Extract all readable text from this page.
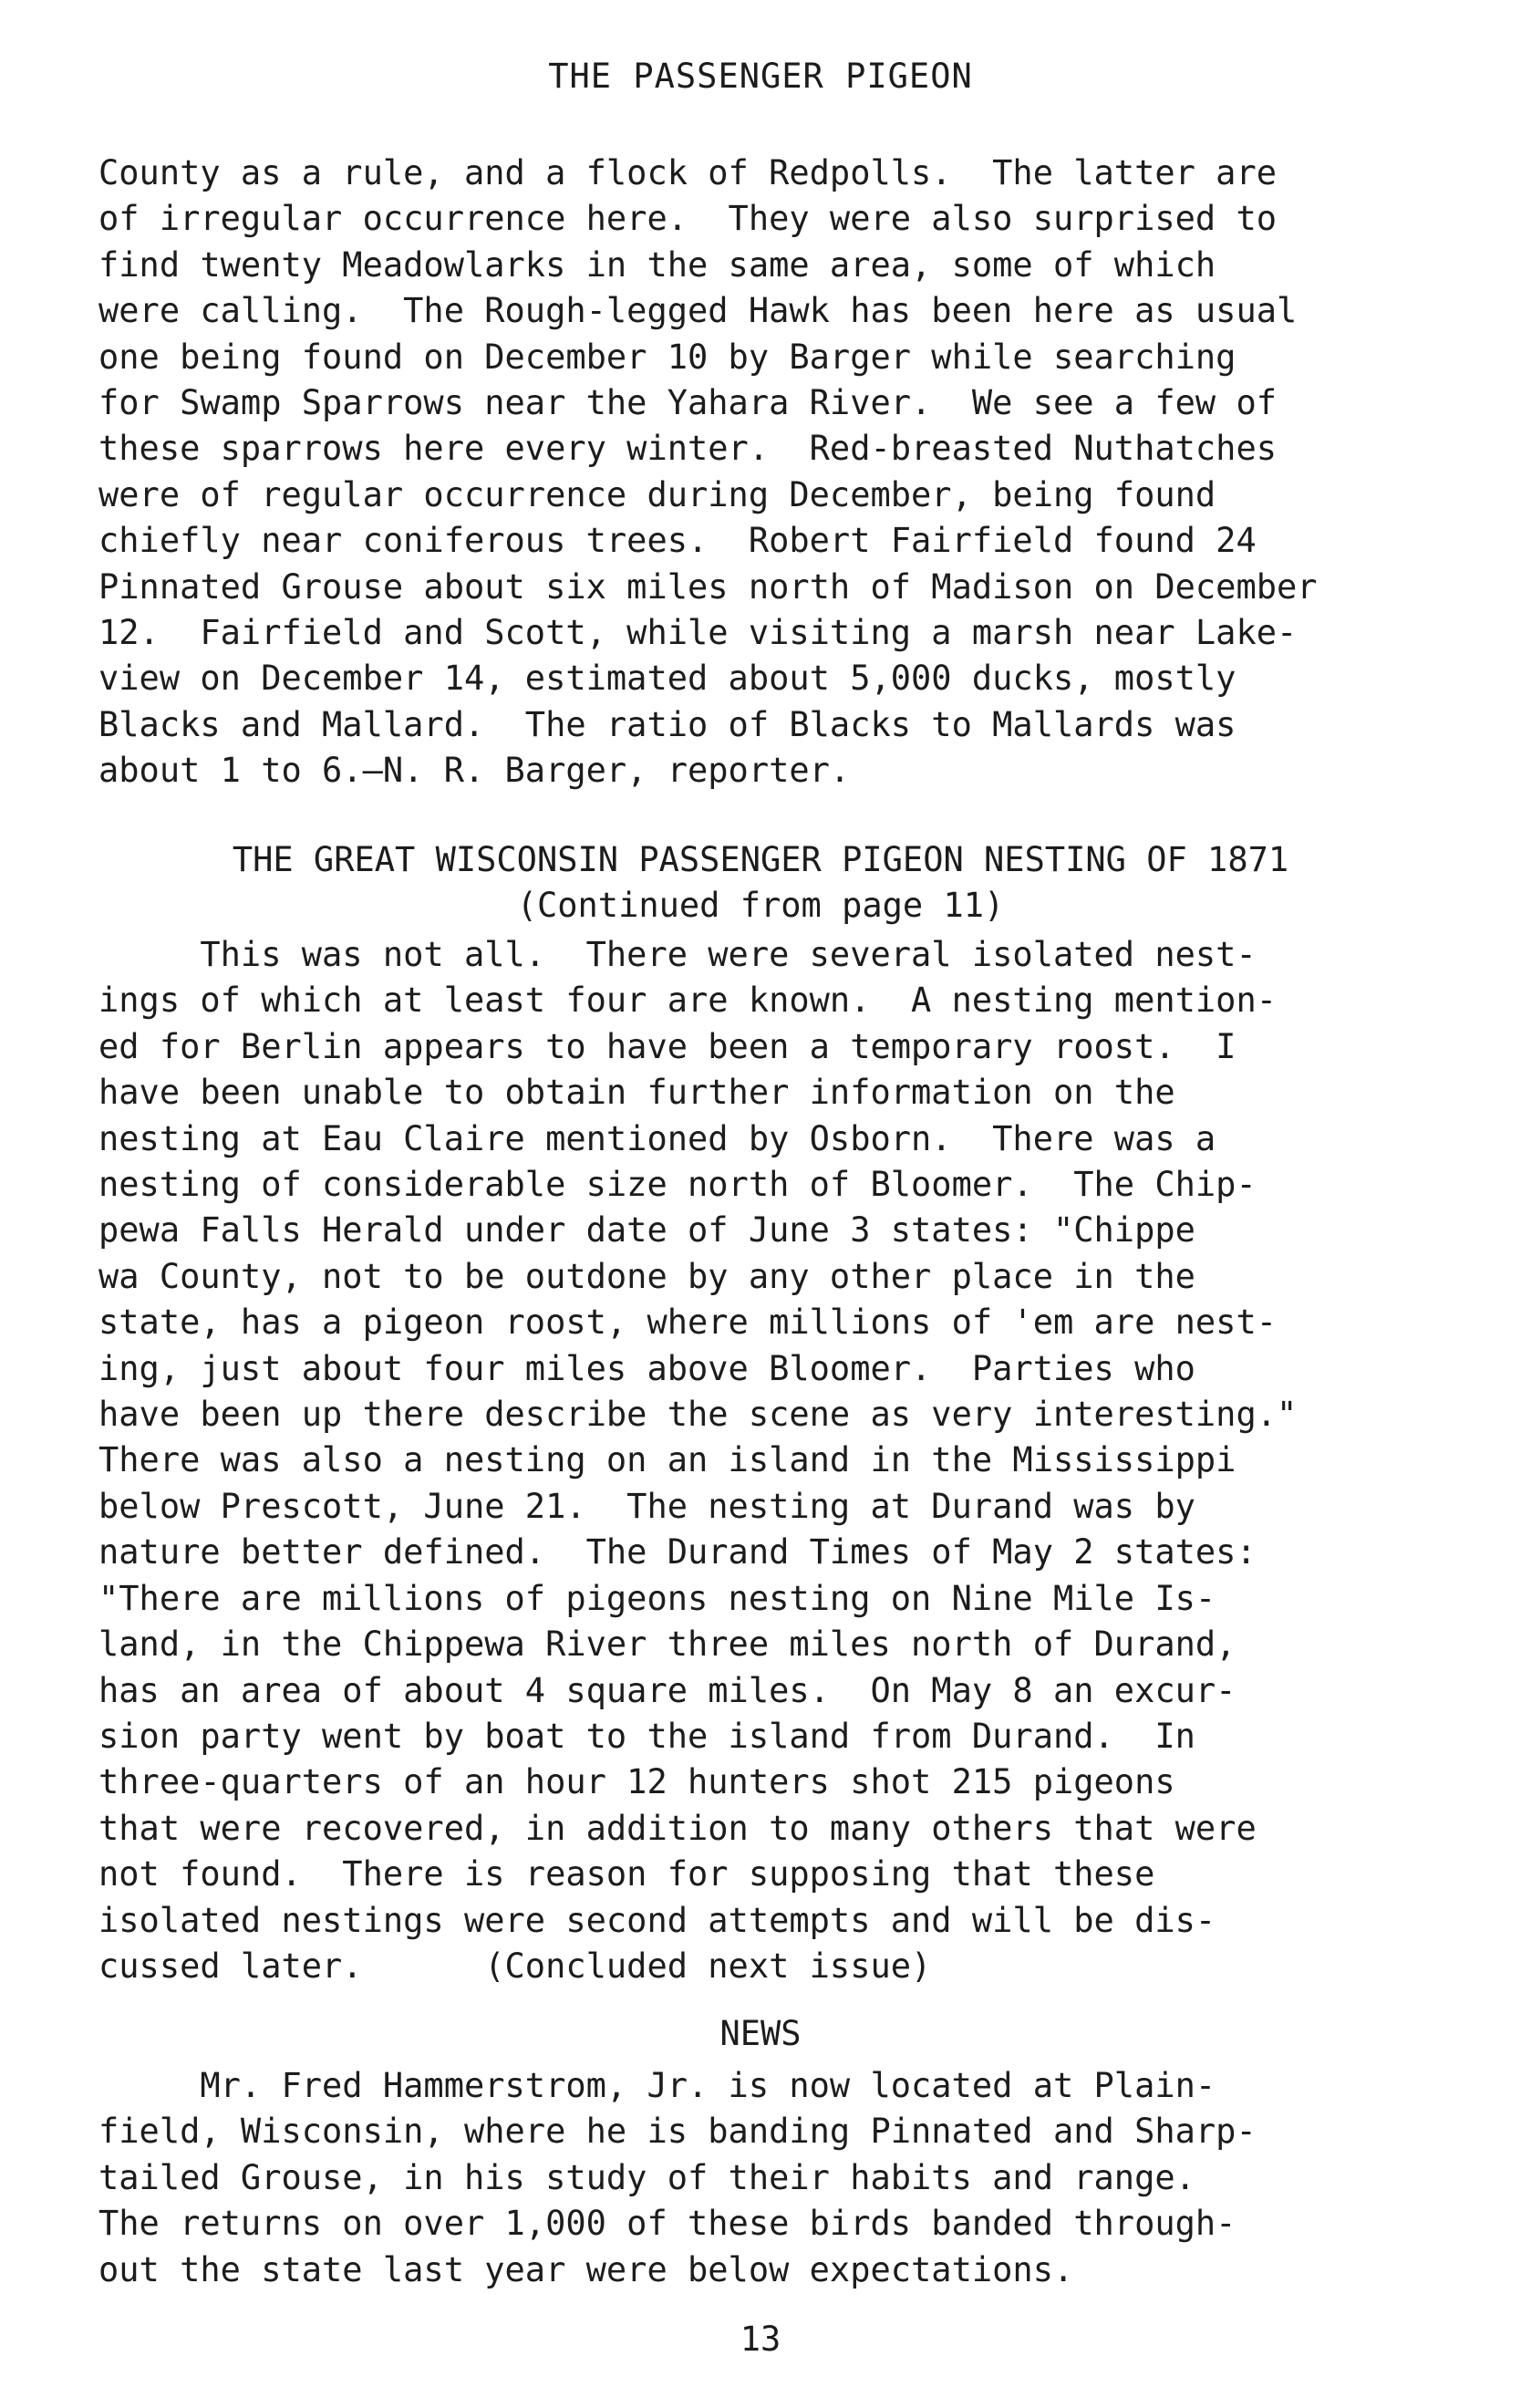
THE PASSENGER PIGEON
County as a rule, and a flock of Redpolls.  The latter are
of irregular occurrence here.  They were also surprised to
find twenty Meadowlarks in the same area, some of which
were calling.  The Rough-legged Hawk has been here as usual
one being found on December 10 by Barger while searching
for Swamp Sparrows near the Yahara River.  We see a few of
these sparrows here every winter.  Red-breasted Nuthatches
were of regular occurrence during December, being found
chiefly near coniferous trees.  Robert Fairfield found 24
Pinnated Grouse about six miles north of Madison on December
12.  Fairfield and Scott, while visiting a marsh near Lake-
view on December 14, estimated about 5,000 ducks, mostly
Blacks and Mallard.  The ratio of Blacks to Mallards was
about 1 to 6.—N. R. Barger, reporter.
THE GREAT WISCONSIN PASSENGER PIGEON NESTING OF 1871
(Continued from page 11)
This was not all.  There were several isolated nest-
ings of which at least four are known.  A nesting mention-
ed for Berlin appears to have been a temporary roost.  I
have been unable to obtain further information on the
nesting at Eau Claire mentioned by Osborn.  There was a
nesting of considerable size north of Bloomer.  The Chip-
pewa Falls Herald under date of June 3 states: "Chippe
wa County, not to be outdone by any other place in the
state, has a pigeon roost, where millions of 'em are nest-
ing, just about four miles above Bloomer.  Parties who
have been up there describe the scene as very interesting."
There was also a nesting on an island in the Mississippi
below Prescott, June 21.  The nesting at Durand was by
nature better defined.  The Durand Times of May 2 states:
"There are millions of pigeons nesting on Nine Mile Is-
land, in the Chippewa River three miles north of Durand,
has an area of about 4 square miles.  On May 8 an excur-
sion party went by boat to the island from Durand.  In
three-quarters of an hour 12 hunters shot 215 pigeons
that were recovered, in addition to many others that were
not found.  There is reason for supposing that these
isolated nestings were second attempts and will be dis-
cussed later.      (Concluded next issue)
NEWS
Mr. Fred Hammerstrom, Jr. is now located at Plain-
field, Wisconsin, where he is banding Pinnated and Sharp-
tailed Grouse, in his study of their habits and range.
The returns on over 1,000 of these birds banded through-
out the state last year were below expectations.
13
